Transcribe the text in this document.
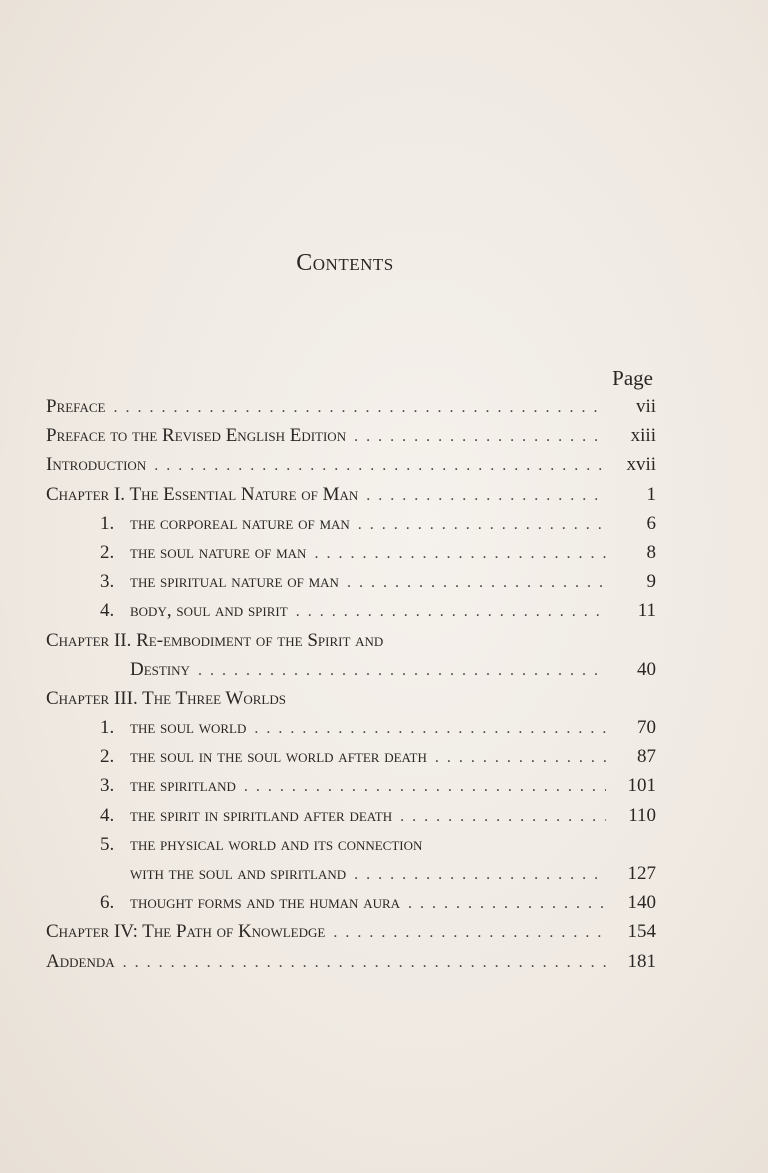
Contents
Page
Preface . . .	vii
Preface to the Revised English Edition . . .	xiii
Introduction . . .	xvii
Chapter I. The Essential Nature of Man . . .	1
1. the corporeal nature of man . . .	6
2. the soul nature of man . . .	8
3. the spiritual nature of man . . .	9
4. body, soul and spirit . . .	11
Chapter II. Re-embodiment of the Spirit and
Destiny . . .	40
Chapter III. The Three Worlds
1. the soul world . . .	70
2. the soul in the soul world after death . . .	87
3. the spiritland . . .	101
4. the spirit in spiritland after death . . .	110
5. the physical world and its connection
with the soul and spiritland . . .	127
6. thought forms and the human aura . . .	140
Chapter IV: The Path of Knowledge . . .	154
Addenda . . .	181
